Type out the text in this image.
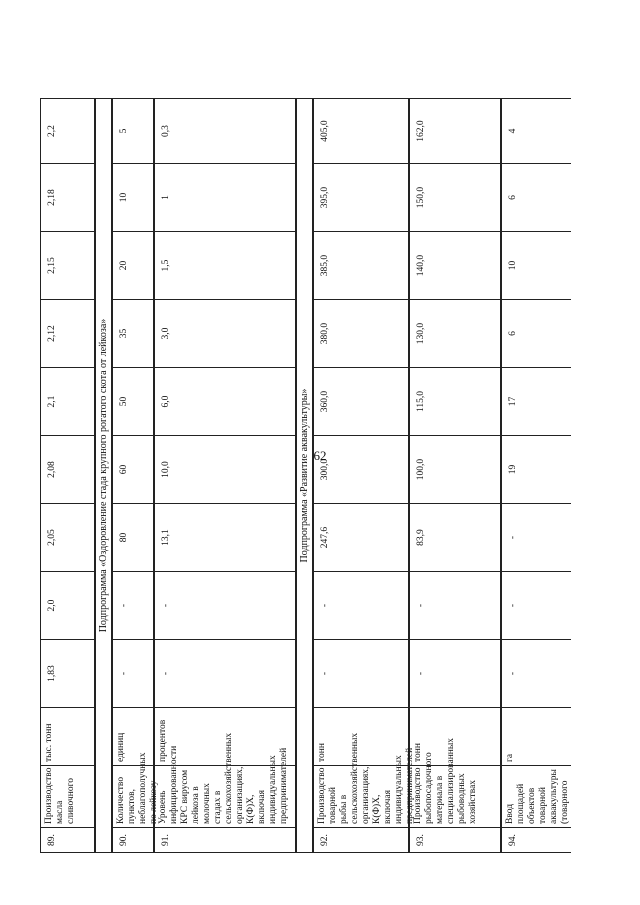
62
89.
Производство масла сливочного
тыс. тонн
1,83
2,0
2,05
2,08
2,1
2,12
2,15
2,18
2,2
Подпрограмма «Оздоровление стада крупного рогатого скота от лейкоза»
90.
Количество пунктов, неблагополучных по лейкозу
единиц
-
-
80
60
50
35
20
10
5
91.
Уровень инфицированности КРС вирусом лейкоза в молочных стадах в сельскохозяйственных организациях, К(Ф)Х, включая индивидуальных предпринимателей
процентов
-
-
13,1
10,0
6,0
3,0
1,5
1
0,3
Подпрограмма «Развитие аквакультуры»
92.
Производство товарной рыбы в сельскохозяйственных организациях, К(Ф)Х, включая индивидуальных предпринимателей
тонн
-
-
247,6
300,0
360,0
380,0
385,0
395,0
405,0
93.
Производство рыбопосадочного материала в специализированных рыбоводных хозяйствах
тонн
-
-
83,9
100,0
115,0
130,0
140,0
150,0
162,0
94.
Ввод площадей объектов товарной аквакультуры (товарного
га
-
-
-
19
17
6
10
6
4
